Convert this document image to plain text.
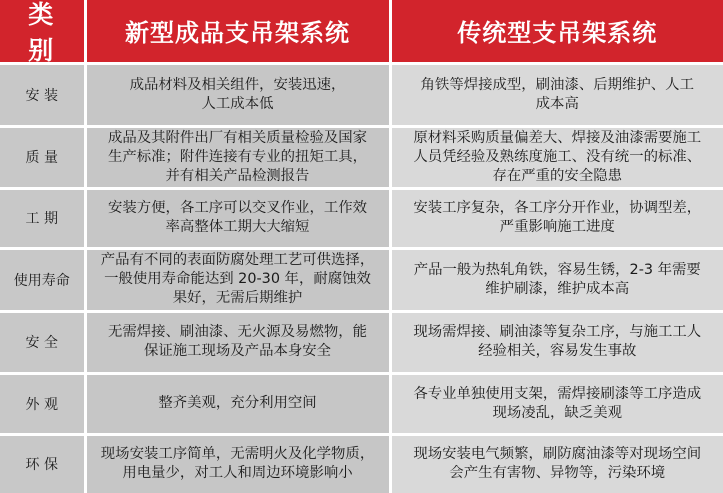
类 别
新型成品支吊架系统	传统型支吊架系统
安 装
成品材料及相关组件，安装迅速，
人工成本低
角铁等焊接成型，刷油漆、后期维护、人工
成本高
质 量
成品及其附件出厂有相关质量检验及国家
生产标准；附件连接有专业的扭矩工具，
并有相关产品检测报告
原材料采购质量偏差大、焊接及油漆需要施工
人员凭经验及熟练度施工、没有统一的标准、
存在严重的安全隐患
工 期
安装方便，各工序可以交叉作业，工作效
率高整体工期大大缩短
安装工序复杂，各工序分开作业，协调型差，
严重影响施工进度
使用寿命
产品有不同的表面防腐处理工艺可供选择，
一般使用寿命能达到 20-30 年，耐腐蚀效
果好，无需后期维护
产品一般为热轧角铁，容易生锈，2-3 年需要
维护刷漆，维护成本高
安 全
无需焊接、刷油漆、无火源及易燃物，能
保证施工现场及产品本身安全
现场需焊接、刷油漆等复杂工序，与施工工人
经验相关，容易发生事故
外 观	整齐美观，充分利用空间
各专业单独使用支架，需焊接刷漆等工序造成
现场凌乱，缺乏美观
环 保
现场安装工序简单，无需明火及化学物质，
用电量少，对工人和周边环境影响小
现场安装电气频繁，刷防腐油漆等对现场空间
会产生有害物、异物等，污染环境
